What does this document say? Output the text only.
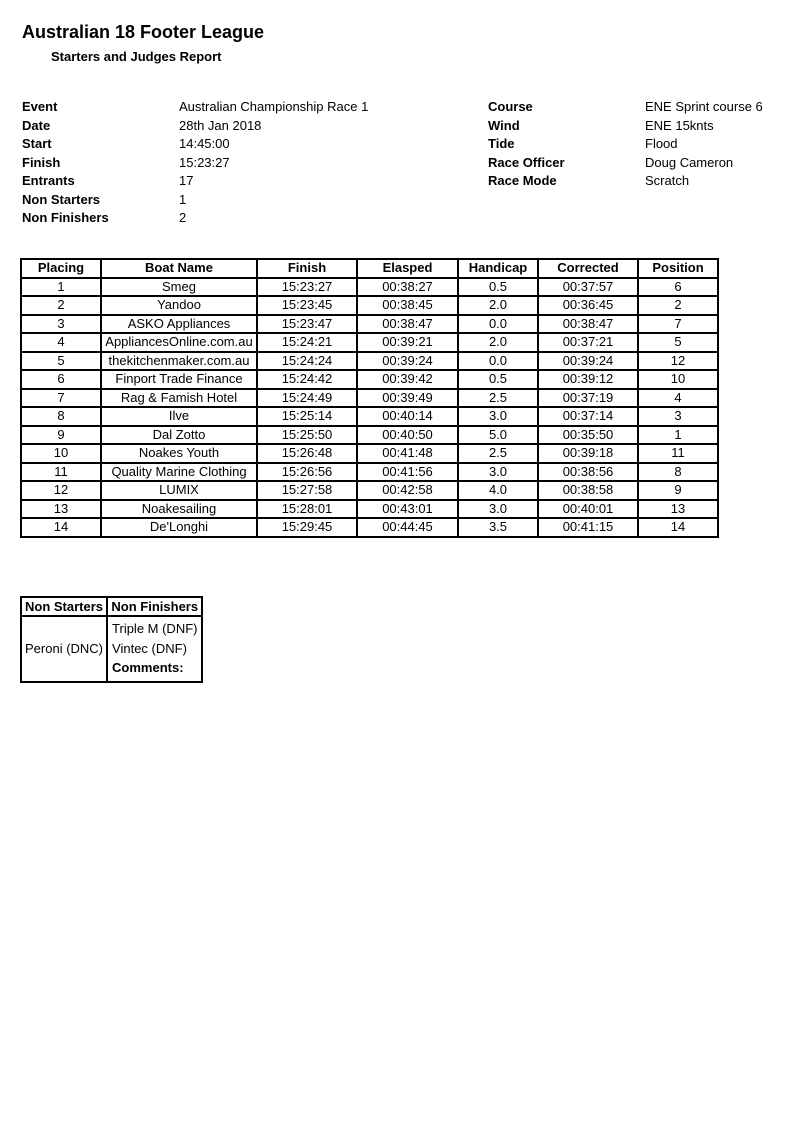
Australian 18 Footer League
Starters and Judges Report
Event	Australian Championship Race 1
Date	28th Jan 2018
Start	14:45:00
Finish	15:23:27
Entrants	17
Non Starters	1
Non Finishers	2
Course	ENE Sprint course 6
Wind	ENE 15knts
Tide	Flood
Race Officer	Doug Cameron
Race Mode	Scratch
Placing	Boat Name	Finish	Elasped	Handicap	Corrected	Position
1	Smeg	15:23:27	00:38:27	0.5	00:37:57	6
2	Yandoo	15:23:45	00:38:45	2.0	00:36:45	2
3	ASKO Appliances	15:23:47	00:38:47	0.0	00:38:47	7
4	AppliancesOnline.com.au	15:24:21	00:39:21	2.0	00:37:21	5
5	thekitchenmaker.com.au	15:24:24	00:39:24	0.0	00:39:24	12
6	Finport Trade Finance	15:24:42	00:39:42	0.5	00:39:12	10
7	Rag & Famish Hotel	15:24:49	00:39:49	2.5	00:37:19	4
8	Ilve	15:25:14	00:40:14	3.0	00:37:14	3
9	Dal Zotto	15:25:50	00:40:50	5.0	00:35:50	1
10	Noakes Youth	15:26:48	00:41:48	2.5	00:39:18	11
11	Quality Marine Clothing	15:26:56	00:41:56	3.0	00:38:56	8
12	LUMIX	15:27:58	00:42:58	4.0	00:38:58	9
13	Noakesailing	15:28:01	00:43:01	3.0	00:40:01	13
14	De'Longhi	15:29:45	00:44:45	3.5	00:41:15	14
Non Starters	Non Finishers
Peroni (DNC)	Triple M (DNF)
Vintec (DNF)
Comments:
